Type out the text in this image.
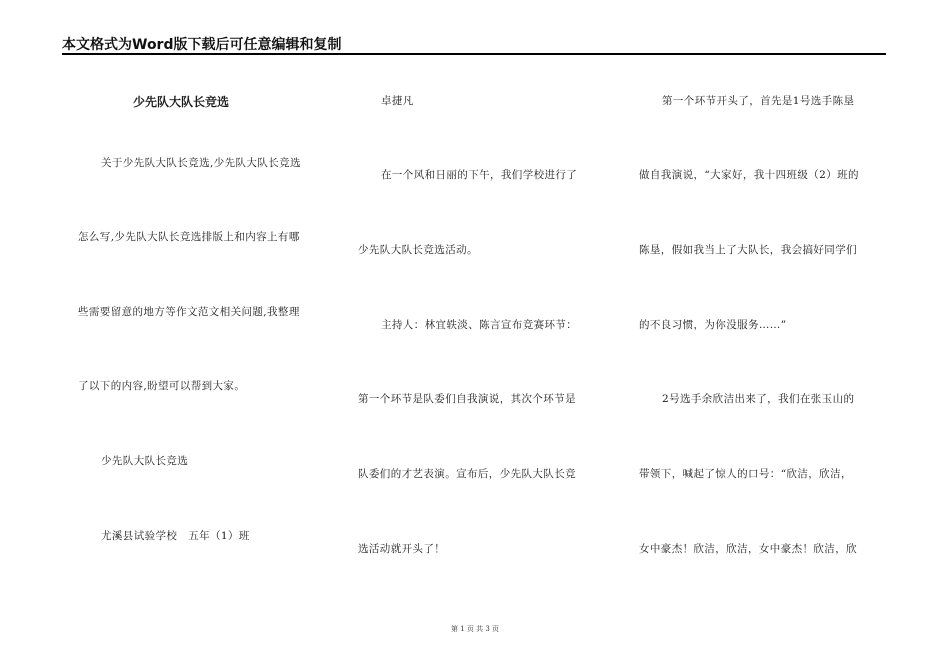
本文格式为Word版下载后可任意编辑和复制
少先队大队长竞选
关于少先队大队长竞选,少先队大队长竞选
怎么写,少先队大队长竞选排版上和内容上有哪
些需要留意的地方等作文范文相关问题,我整理
了以下的内容,盼望可以帮到大家。
少先队大队长竞选
尤溪县试验学校　五年（1）班
卓捷凡
在一个风和日丽的下午，我们学校进行了
少先队大队长竞选活动。
主持人：林宜轶淡、陈言宣布竞赛环节：
第一个环节是队委们自我演说，其次个环节是
队委们的才艺表演。宣布后，少先队大队长竞
选活动就开头了！
第一个环节开头了，首先是1号选手陈垦
做自我演说，“大家好，我十四班级（2）班的
陈垦，假如我当上了大队长，我会搞好同学们
的不良习惯，为你没服务……”
2号选手余欣洁出来了，我们在张玉山的
带领下，喊起了惊人的口号：“欣洁，欣洁，
女中豪杰！欣洁，欣洁，女中豪杰！欣洁，欣
第 1 页 共 3 页
